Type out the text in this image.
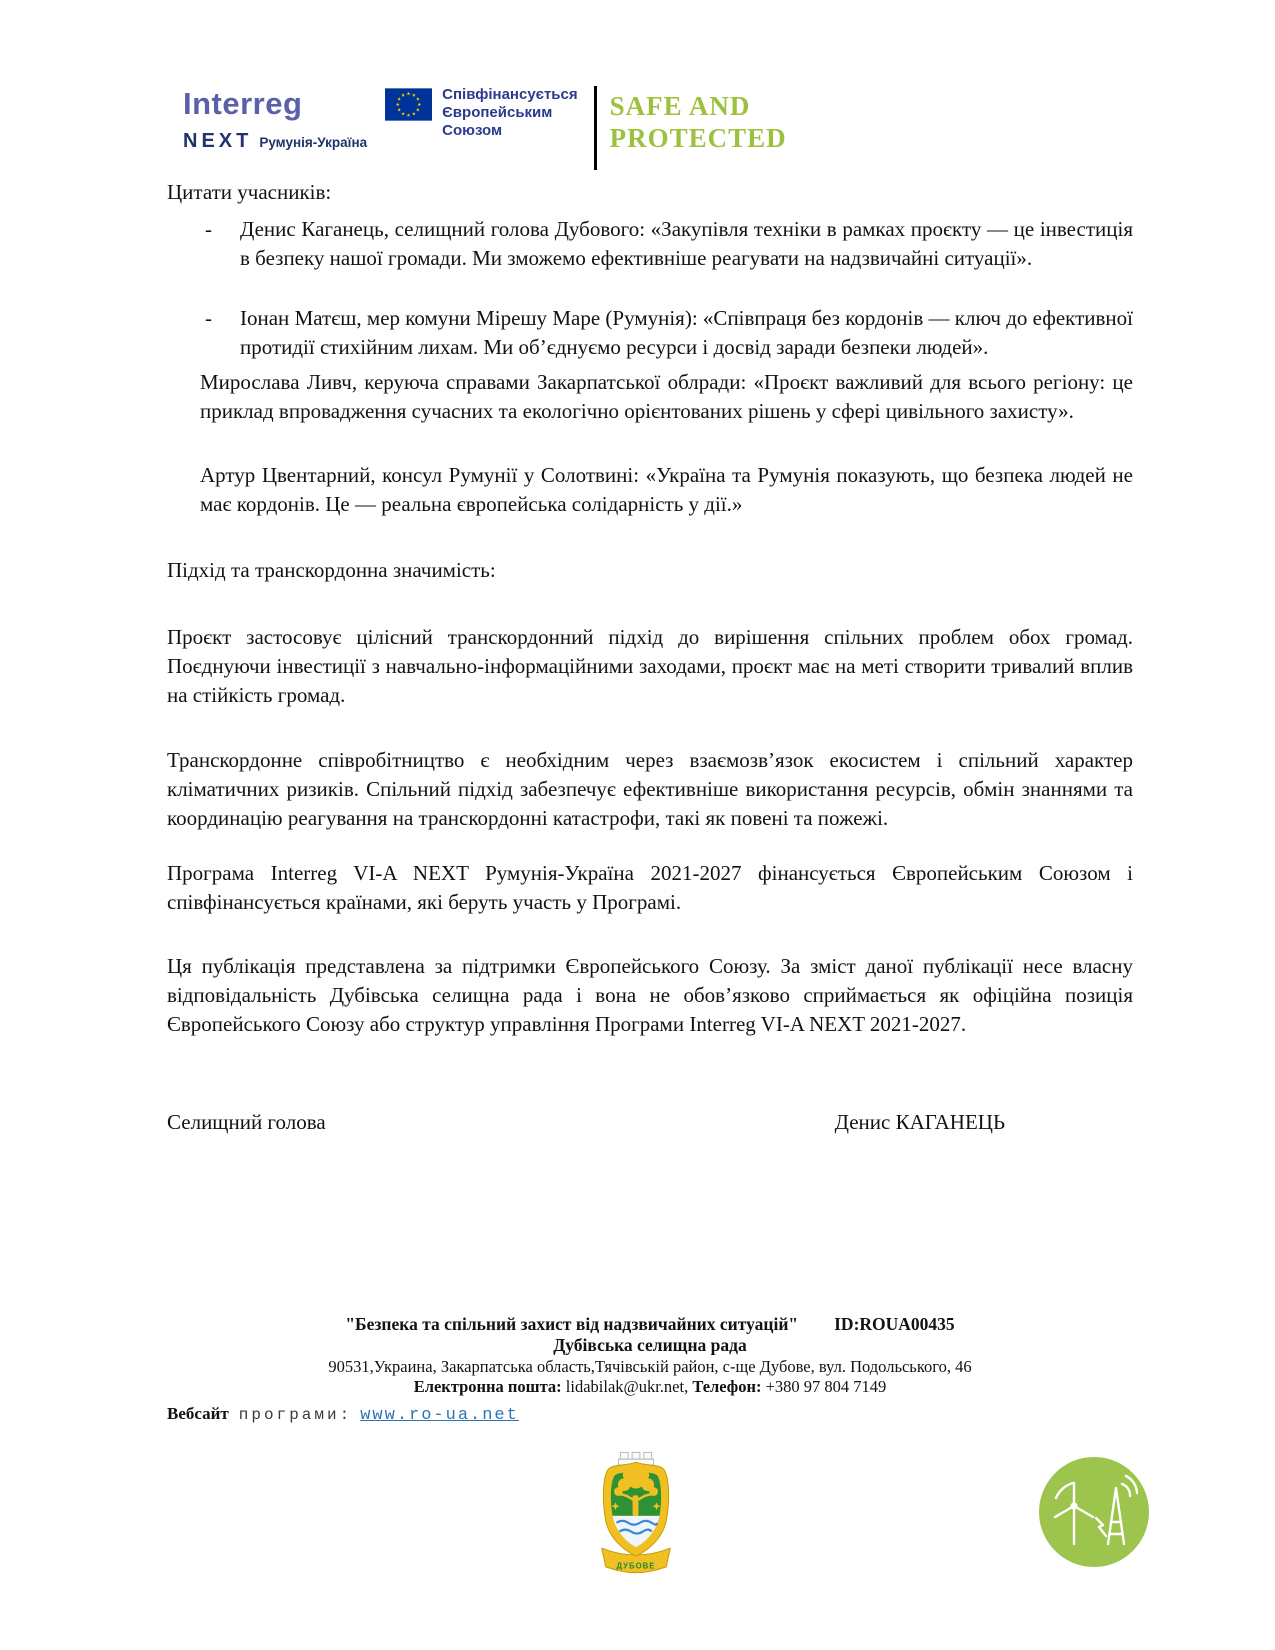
Interreg
NEXT Румунія-Україна
Співфінансується
Європейським
Союзом
SAFE AND
PROTECTED

Цитати учасників:

- Денис Каганець, селищний голова Дубового: «Закупівля техніки в рамках проєкту — це інвестиція в безпеку нашої громади. Ми зможемо ефективніше реагувати на надзвичайні ситуації».

- Іонан Матєш, мер комуни Мірешу Маре (Румунія): «Співпраця без кордонів — ключ до ефективної протидії стихійним лихам. Ми об’єднуємо ресурси і досвід заради безпеки людей».

Мирослава Ливч, керуюча справами Закарпатської облради: «Проєкт важливий для всього регіону: це приклад впровадження сучасних та екологічно орієнтованих рішень у сфері цивільного захисту».

Артур Цвентарний, консул Румунії у Солотвині: «Україна та Румунія показують, що безпека людей не має кордонів. Це — реальна європейська солідарність у дії.»

Підхід та транскордонна значимість:

Проєкт застосовує цілісний транскордонний підхід до вирішення спільних проблем обох громад. Поєднуючи інвестиції з навчально-інформаційними заходами, проєкт має на меті створити тривалий вплив на стійкість громад.

Транскордонне співробітництво є необхідним через взаємозв’язок екосистем і спільний характер кліматичних ризиків. Спільний підхід забезпечує ефективніше використання ресурсів, обмін знаннями та координацію реагування на транскордонні катастрофи, такі як повені та пожежі.

Програма Interreg VI-A NEXT Румунія-Україна 2021-2027 фінансується Європейським Союзом і співфінансується країнами, які беруть участь у Програмі.

Ця публікація представлена за підтримки Європейського Союзу. За зміст даної публікації несе власну відповідальність Дубівська селищна рада і вона не обов’язково сприймається як офіційна позиція Європейського Союзу або структур управління Програми Interreg VI-A NEXT 2021-2027.

Селищний голова	Денис КАГАНЕЦЬ
"Безпека та спільний захист від надзвичайних ситуацій" ID:ROUA00435
Дубівська селищна рада
90531,Украина, Закарпатська область,Тячівській район, с-ще Дубове, вул. Подольського, 46
Електронна пошта: lidabilak@ukr.net, Телефон: +380 97 804 7149
Вебсайт програми: www.ro-ua.net
ДУБОВЕ
